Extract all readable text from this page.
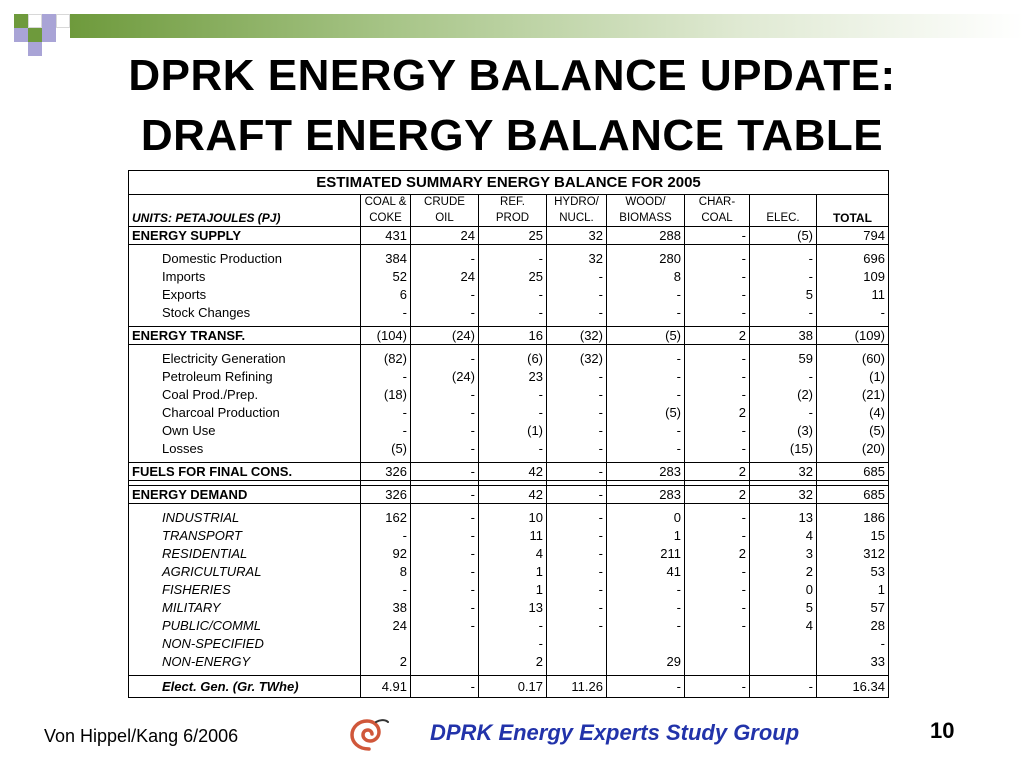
DPRK ENERGY BALANCE UPDATE:
DRAFT ENERGY BALANCE TABLE
ESTIMATED SUMMARY ENERGY BALANCE FOR 2005								
	COAL &	CRUDE	REF.	HYDRO/	WOOD/	CHAR-		
UNITS: PETAJOULES (PJ)	COKE	OIL	PROD	NUCL.	BIOMASS	COAL	ELEC.	TOTAL
ENERGY SUPPLY	431	24	25	32	288	-	(5)	794

Domestic Production	384	-	-	32	280	-	-	696
Imports	52	24	25	-	8	-	-	109
Exports	6	-	-	-	-	-	5	11
Stock Changes	-	-	-	-	-	-	-	-

ENERGY TRANSF.	(104)	(24)	16	(32)	(5)	2	38	(109)

Electricity Generation	(82)	-	(6)	(32)	-	-	59	(60)
Petroleum Refining	-	(24)	23	-	-	-	-	(1)
Coal Prod./Prep.	(18)	-	-	-	-	-	(2)	(21)
Charcoal Production	-	-	-	-	(5)	2	-	(4)
Own Use	-	-	(1)	-	-	-	(3)	(5)
Losses	(5)	-	-	-	-	-	(15)	(20)

FUELS FOR FINAL CONS.	326	-	42	-	283	2	32	685

ENERGY DEMAND	326	-	42	-	283	2	32	685

INDUSTRIAL	162	-	10	-	0	-	13	186
TRANSPORT	-	-	11	-	1	-	4	15
RESIDENTIAL	92	-	4	-	211	2	3	312
AGRICULTURAL	8	-	1	-	41	-	2	53
FISHERIES	-	-	1	-	-	-	0	1
MILITARY	38	-	13	-	-	-	5	57
PUBLIC/COMML	24	-	-	-	-	-	4	28
NON-SPECIFIED			-					-
NON-ENERGY	2		2		29			33

Elect. Gen. (Gr. TWhe)	4.91	-	0.17	11.26	-	-	-	16.34
Von Hippel/Kang 6/2006	DPRK Energy Experts Study Group	10
